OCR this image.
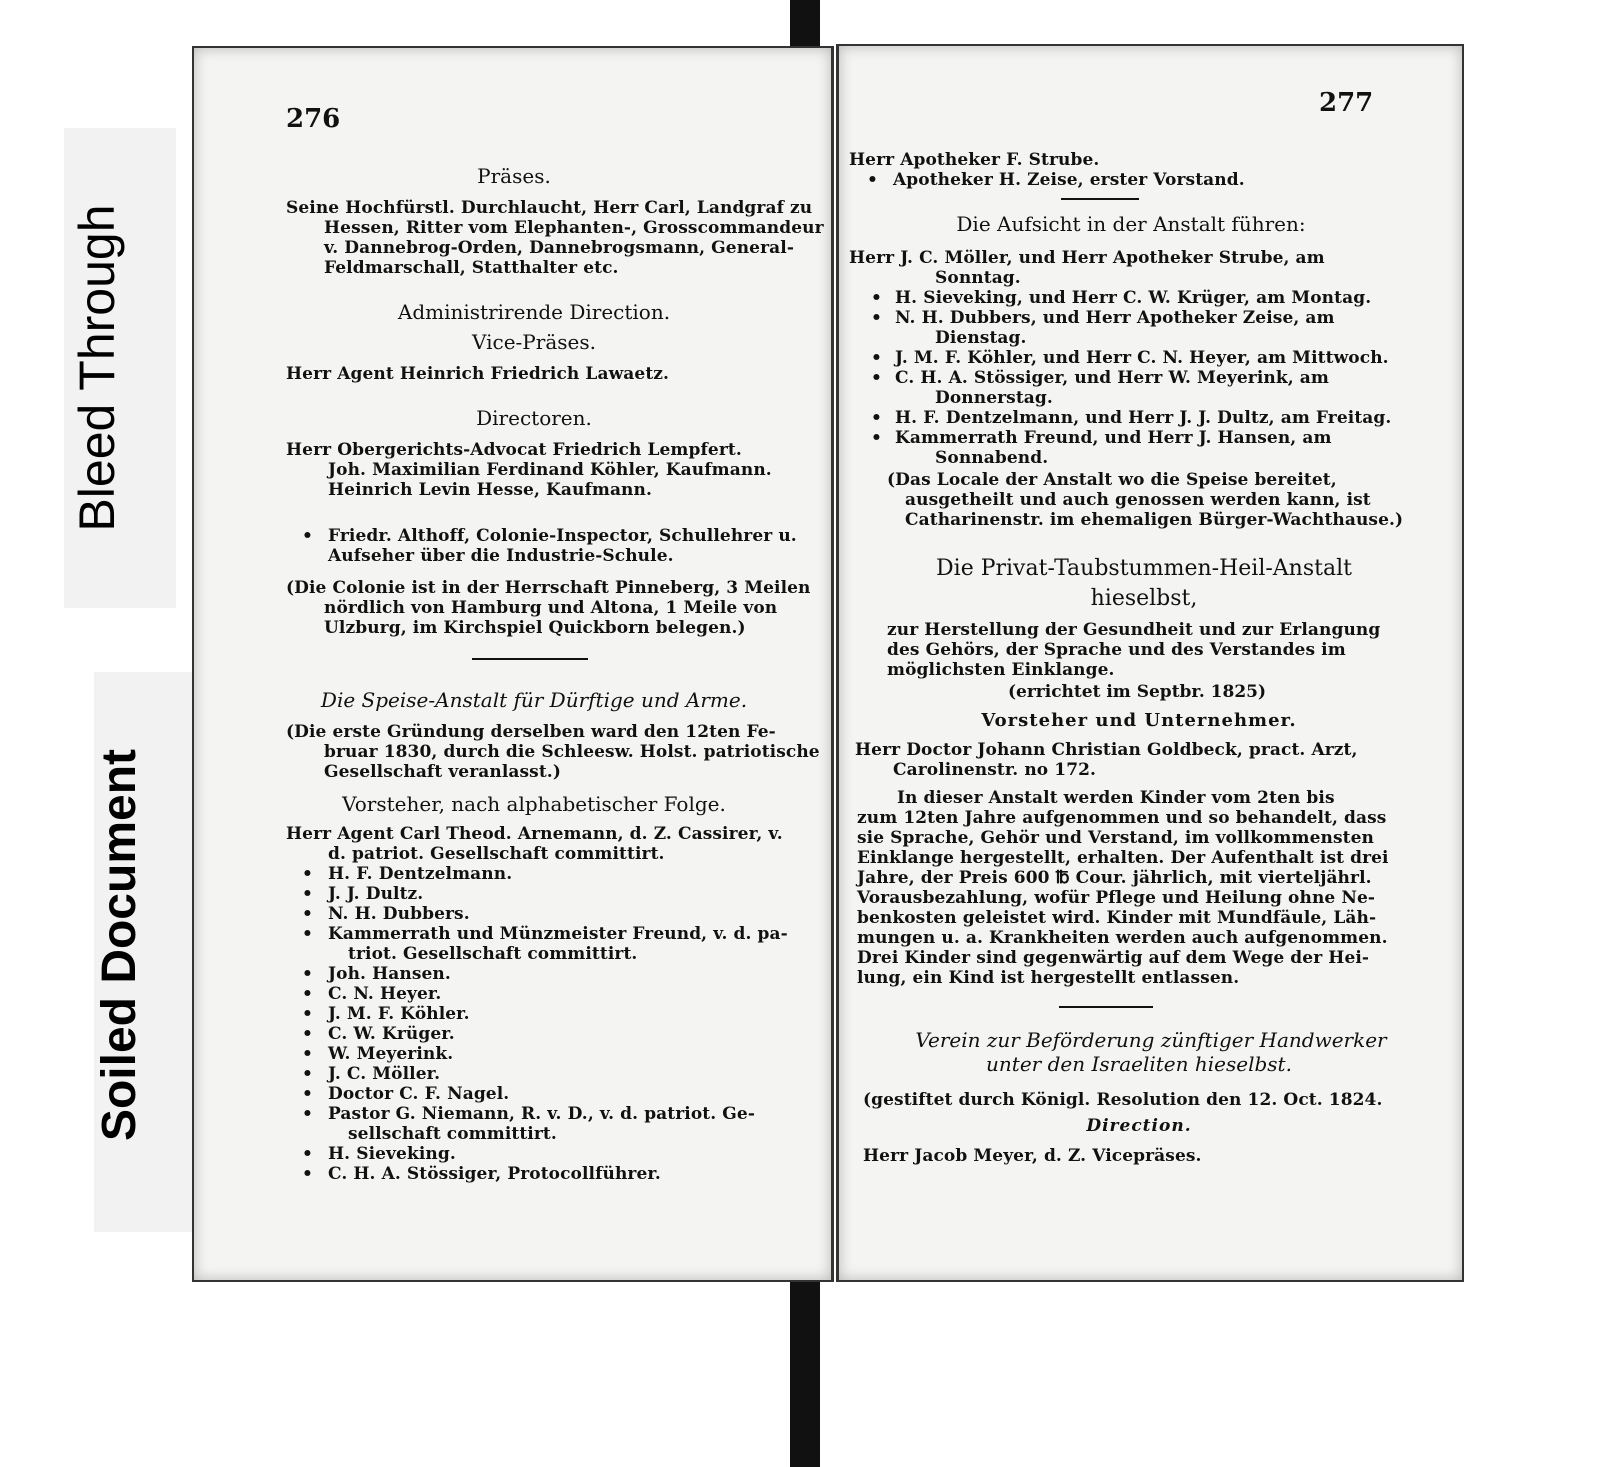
Bleed Through
Soiled Document
276
Präses.
Seine Hochfürstl. Durchlaucht, Herr Carl, Landgraf zu
Hessen, Ritter vom Elephanten-, Grosscommandeur
v. Dannebrog-Orden, Dannebrogsmann, General-
Feldmarschall, Statthalter etc.
Administrirende Direction.
Vice-Präses.
Herr Agent Heinrich Friedrich Lawaetz.
Directoren.
Herr Obergerichts-Advocat Friedrich Lempfert.
Joh. Maximilian Ferdinand Köhler, Kaufmann.
Heinrich Levin Hesse, Kaufmann.
• Friedr. Althoff, Colonie-Inspector, Schullehrer u.
Aufseher über die Industrie-Schule.
(Die Colonie ist in der Herrschaft Pinneberg, 3 Meilen
nördlich von Hamburg und Altona, 1 Meile von
Ulzburg, im Kirchspiel Quickborn belegen.)
Die Speise-Anstalt für Dürftige und Arme.
(Die erste Gründung derselben ward den 12ten Fe-
bruar 1830, durch die Schleesw. Holst. patriotische
Gesellschaft veranlasst.)
Vorsteher, nach alphabetischer Folge.
Herr Agent Carl Theod. Arnemann, d. Z. Cassirer, v.
d. patriot. Gesellschaft committirt.
• H. F. Dentzelmann.
• J. J. Dultz.
• N. H. Dubbers.
• Kammerrath und Münzmeister Freund, v. d. pa-
triot. Gesellschaft committirt.
• Joh. Hansen.
• C. N. Heyer.
• J. M. F. Köhler.
• C. W. Krüger.
• W. Meyerink.
• J. C. Möller.
• Doctor C. F. Nagel.
• Pastor G. Niemann, R. v. D., v. d. patriot. Ge-
sellschaft committirt.
• H. Sieveking.
• C. H. A. Stössiger, Protocollführer.
277
Herr Apotheker F. Strube.
• Apotheker H. Zeise, erster Vorstand.
Die Aufsicht in der Anstalt führen:
Herr J. C. Möller, und Herr Apotheker Strube, am
Sonntag.
• H. Sieveking, und Herr C. W. Krüger, am Montag.
• N. H. Dubbers, und Herr Apotheker Zeise, am
Dienstag.
• J. M. F. Köhler, und Herr C. N. Heyer, am Mittwoch.
• C. H. A. Stössiger, und Herr W. Meyerink, am
Donnerstag.
• H. F. Dentzelmann, und Herr J. J. Dultz, am Freitag.
• Kammerrath Freund, und Herr J. Hansen, am
Sonnabend.
(Das Locale der Anstalt wo die Speise bereitet,
ausgetheilt und auch genossen werden kann, ist
Catharinenstr. im ehemaligen Bürger-Wachthause.)
Die Privat-Taubstummen-Heil-Anstalt
hieselbst,
zur Herstellung der Gesundheit und zur Erlangung
des Gehörs, der Sprache und des Verstandes im
möglichsten Einklange.
(errichtet im Septbr. 1825)
Vorsteher und Unternehmer.
Herr Doctor Johann Christian Goldbeck, pract. Arzt,
Carolinenstr. no 172.
In dieser Anstalt werden Kinder vom 2ten bis
zum 12ten Jahre aufgenommen und so behandelt, dass
sie Sprache, Gehör und Verstand, im vollkommensten
Einklange hergestellt, erhalten. Der Aufenthalt ist drei
Jahre, der Preis 600 ℔ Cour. jährlich, mit vierteljährl.
Vorausbezahlung, wofür Pflege und Heilung ohne Ne-
benkosten geleistet wird. Kinder mit Mundfäule, Läh-
mungen u. a. Krankheiten werden auch aufgenommen.
Drei Kinder sind gegenwärtig auf dem Wege der Hei-
lung, ein Kind ist hergestellt entlassen.
Verein zur Beförderung zünftiger Handwerker
unter den Israeliten hieselbst.
(gestiftet durch Königl. Resolution den 12. Oct. 1824.
Direction.
Herr Jacob Meyer, d. Z. Vicepräses.
